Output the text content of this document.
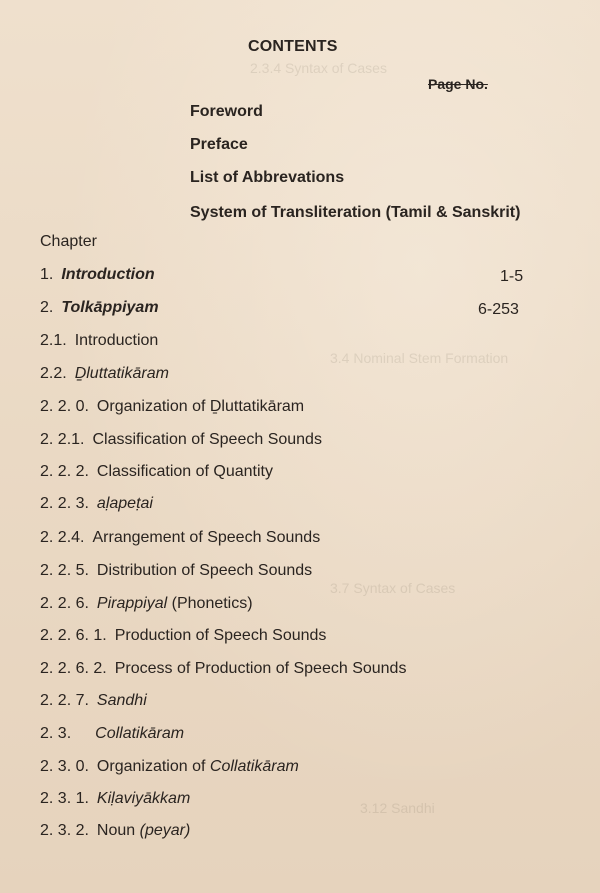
2.3.4 Syntax of Cases
3.4 Nominal Stem Formation
3.7 Syntax of Cases
3.12 Sandhi
CONTENTS
Page No.
Foreword
Preface
List of Abbrevations
System of Transliteration (Tamil & Sanskrit)
Chapter
1. Introduction	1-5
2. Tolkāppiyam	6-253
2.1. Introduction
2.2. Ḏluttatikāram
2. 2. 0. Organization of Ḏluttatikāram
2. 2.1. Classification of Speech Sounds
2. 2. 2. Classification of Quantity
2. 2. 3. aḷapeṭai
2. 2.4. Arrangement of Speech Sounds
2. 2. 5. Distribution of Speech Sounds
2. 2. 6. Pirappiyal (Phonetics)
2. 2. 6. 1. Production of Speech Sounds
2. 2. 6. 2. Process of Production of Speech Sounds
2. 2. 7. Sandhi
2. 3. Collatikāram
2. 3. 0. Organization of Collatikāram
2. 3. 1. Kiḷaviyākkam
2. 3. 2. Noun (peyar)
